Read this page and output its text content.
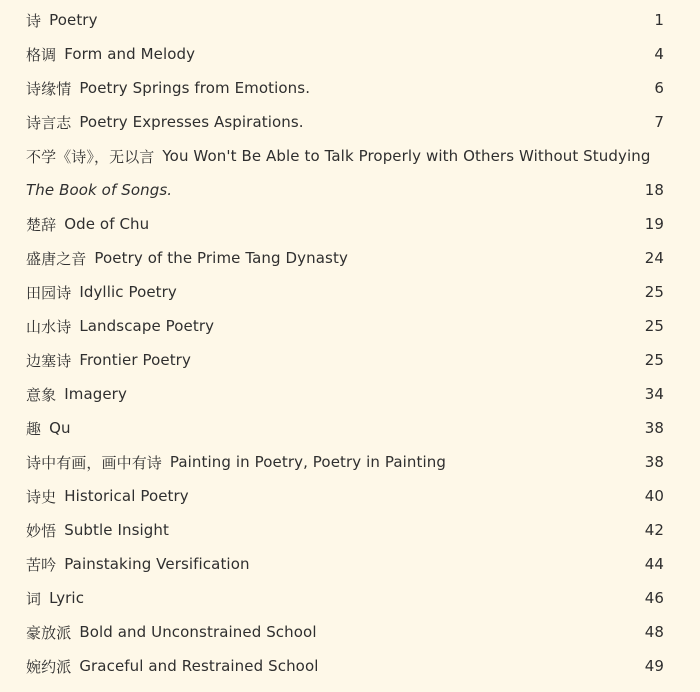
诗 Poetry	1
格调 Form and Melody	4
诗缘情 Poetry Springs from Emotions.	6
诗言志 Poetry Expresses Aspirations.	7
不学《诗》，无以言 You Won't Be Able to Talk Properly with Others Without Studying
The Book of Songs.	18
楚辞 Ode of Chu	19
盛唐之音 Poetry of the Prime Tang Dynasty	24
田园诗 Idyllic Poetry	25
山水诗 Landscape Poetry	25
边塞诗 Frontier Poetry	25
意象 Imagery	34
趣 Qu	38
诗中有画，画中有诗 Painting in Poetry, Poetry in Painting	38
诗史 Historical Poetry	40
妙悟 Subtle Insight	42
苦吟 Painstaking Versification	44
词 Lyric	46
豪放派 Bold and Unconstrained School	48
婉约派 Graceful and Restrained School	49
